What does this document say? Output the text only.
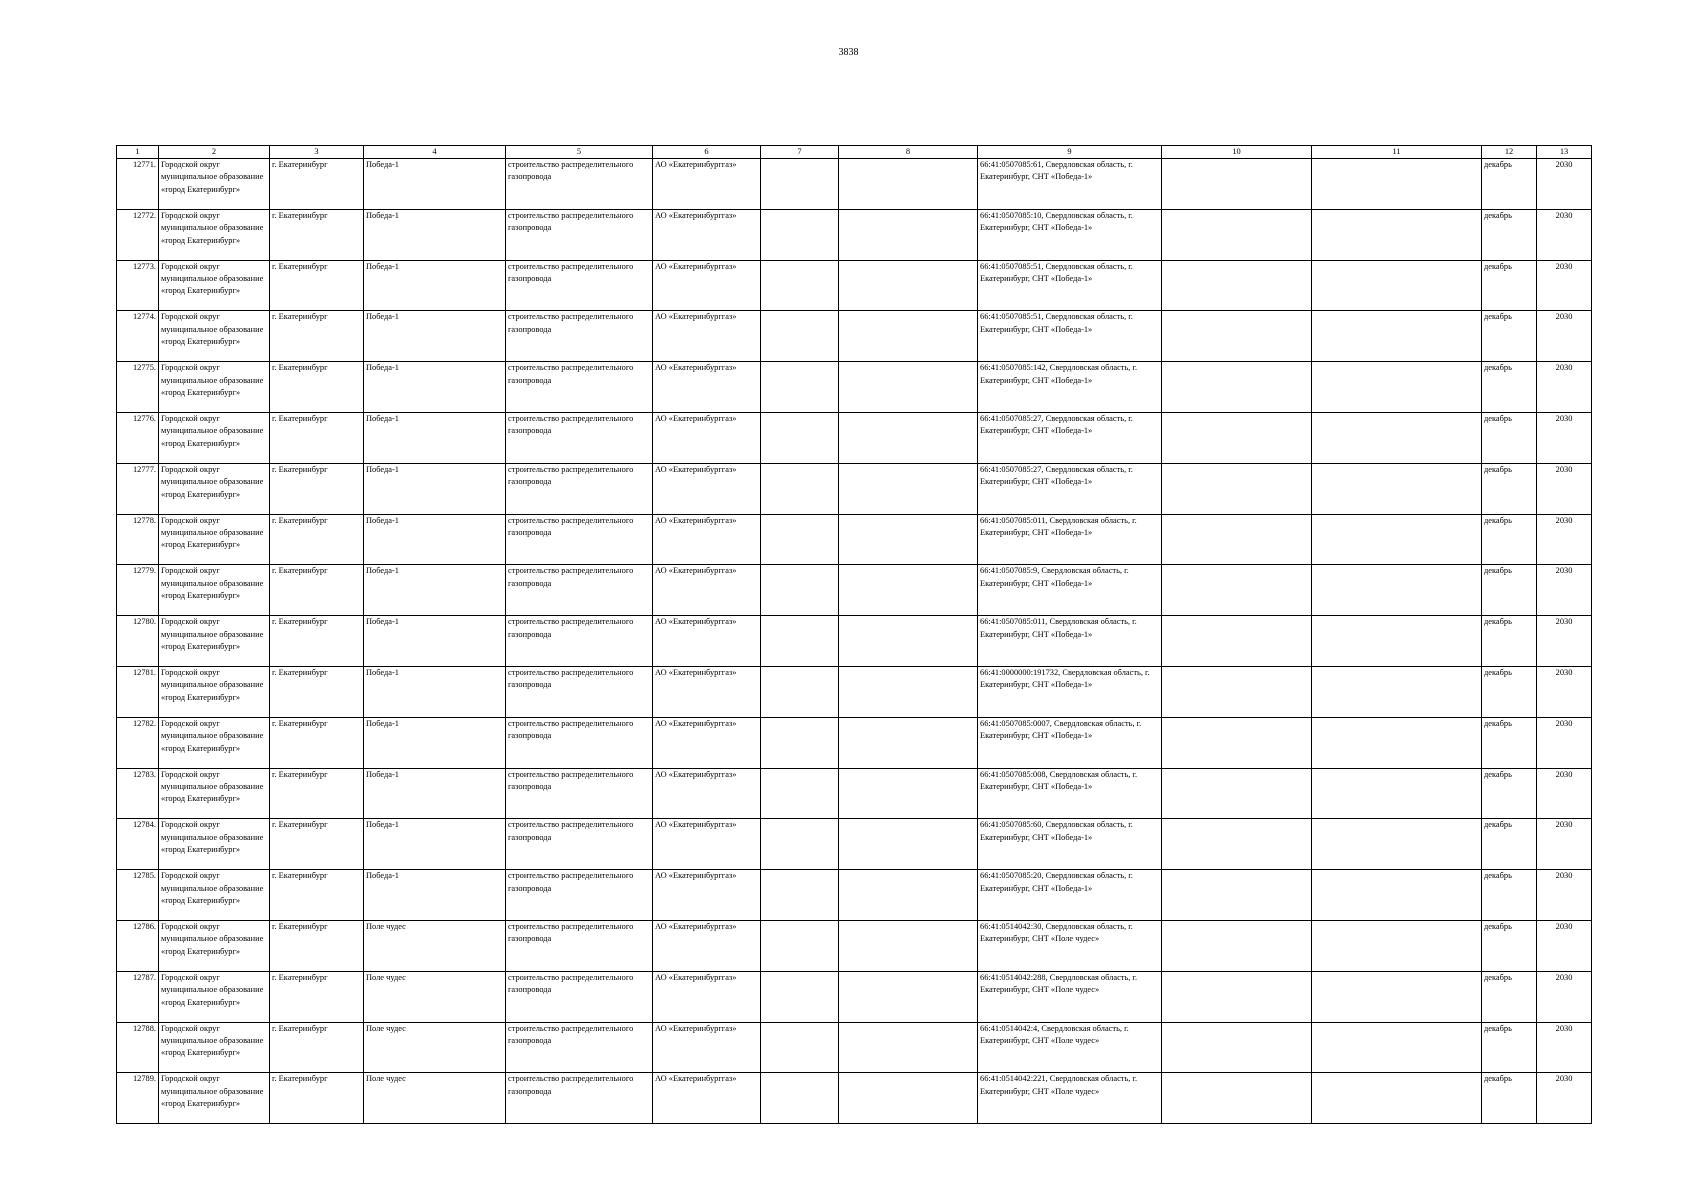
3838
1	2	3	4	5	6	7	8	9	10	11	12	13
12771.	Городской округ муниципальное образование «город Екатеринбург»	г. Екатеринбург	Победа-1	строительство распределительного газопровода	АО «Екатеринбурггаз»			66:41:0507085:61, Свердловская область, г. Екатеринбург, СНТ «Победа-1»			декабрь	2030
12772.	Городской округ муниципальное образование «город Екатеринбург»	г. Екатеринбург	Победа-1	строительство распределительного газопровода	АО «Екатеринбурггаз»			66:41:0507085:10, Свердловская область, г. Екатеринбург, СНТ «Победа-1»			декабрь	2030
12773.	Городской округ муниципальное образование «город Екатеринбург»	г. Екатеринбург	Победа-1	строительство распределительного газопровода	АО «Екатеринбурггаз»			66:41:0507085:51, Свердловская область, г. Екатеринбург, СНТ «Победа-1»			декабрь	2030
12774.	Городской округ муниципальное образование «город Екатеринбург»	г. Екатеринбург	Победа-1	строительство распределительного газопровода	АО «Екатеринбурггаз»			66:41:0507085:51, Свердловская область, г. Екатеринбург, СНТ «Победа-1»			декабрь	2030
12775.	Городской округ муниципальное образование «город Екатеринбург»	г. Екатеринбург	Победа-1	строительство распределительного газопровода	АО «Екатеринбурггаз»			66:41:0507085:142, Свердловская область, г. Екатеринбург, СНТ «Победа-1»			декабрь	2030
12776.	Городской округ муниципальное образование «город Екатеринбург»	г. Екатеринбург	Победа-1	строительство распределительного газопровода	АО «Екатеринбурггаз»			66:41:0507085:27, Свердловская область, г. Екатеринбург, СНТ «Победа-1»			декабрь	2030
12777.	Городской округ муниципальное образование «город Екатеринбург»	г. Екатеринбург	Победа-1	строительство распределительного газопровода	АО «Екатеринбурггаз»			66:41:0507085:27, Свердловская область, г. Екатеринбург, СНТ «Победа-1»			декабрь	2030
12778.	Городской округ муниципальное образование «город Екатеринбург»	г. Екатеринбург	Победа-1	строительство распределительного газопровода	АО «Екатеринбурггаз»			66:41:0507085:011, Свердловская область, г. Екатеринбург, СНТ «Победа-1»			декабрь	2030
12779.	Городской округ муниципальное образование «город Екатеринбург»	г. Екатеринбург	Победа-1	строительство распределительного газопровода	АО «Екатеринбурггаз»			66:41:0507085:9, Свердловская область, г. Екатеринбург, СНТ «Победа-1»			декабрь	2030
12780.	Городской округ муниципальное образование «город Екатеринбург»	г. Екатеринбург	Победа-1	строительство распределительного газопровода	АО «Екатеринбурггаз»			66:41:0507085:011, Свердловская область, г. Екатеринбург, СНТ «Победа-1»			декабрь	2030
12781.	Городской округ муниципальное образование «город Екатеринбург»	г. Екатеринбург	Победа-1	строительство распределительного газопровода	АО «Екатеринбурггаз»			66:41:0000000:191732, Свердловская область, г. Екатеринбург, СНТ «Победа-1»			декабрь	2030
12782.	Городской округ муниципальное образование «город Екатеринбург»	г. Екатеринбург	Победа-1	строительство распределительного газопровода	АО «Екатеринбурггаз»			66:41:0507085:0007, Свердловская область, г. Екатеринбург, СНТ «Победа-1»			декабрь	2030
12783.	Городской округ муниципальное образование «город Екатеринбург»	г. Екатеринбург	Победа-1	строительство распределительного газопровода	АО «Екатеринбурггаз»			66:41:0507085:008, Свердловская область, г. Екатеринбург, СНТ «Победа-1»			декабрь	2030
12784.	Городской округ муниципальное образование «город Екатеринбург»	г. Екатеринбург	Победа-1	строительство распределительного газопровода	АО «Екатеринбурггаз»			66:41:0507085:60, Свердловская область, г. Екатеринбург, СНТ «Победа-1»			декабрь	2030
12785.	Городской округ муниципальное образование «город Екатеринбург»	г. Екатеринбург	Победа-1	строительство распределительного газопровода	АО «Екатеринбурггаз»			66:41:0507085:20, Свердловская область, г. Екатеринбург, СНТ «Победа-1»			декабрь	2030
12786.	Городской округ муниципальное образование «город Екатеринбург»	г. Екатеринбург	Поле чудес	строительство распределительного газопровода	АО «Екатеринбурггаз»			66:41:0514042:30, Свердловская область, г. Екатеринбург, СНТ «Поле чудес»			декабрь	2030
12787.	Городской округ муниципальное образование «город Екатеринбург»	г. Екатеринбург	Поле чудес	строительство распределительного газопровода	АО «Екатеринбурггаз»			66:41:0514042:288, Свердловская область, г. Екатеринбург, СНТ «Поле чудес»			декабрь	2030
12788.	Городской округ муниципальное образование «город Екатеринбург»	г. Екатеринбург	Поле чудес	строительство распределительного газопровода	АО «Екатеринбурггаз»			66:41:0514042:4, Свердловская область, г. Екатеринбург, СНТ «Поле чудес»			декабрь	2030
12789.	Городской округ муниципальное образование «город Екатеринбург»	г. Екатеринбург	Поле чудес	строительство распределительного газопровода	АО «Екатеринбурггаз»			66:41:0514042:221, Свердловская область, г. Екатеринбург, СНТ «Поле чудес»			декабрь	2030
